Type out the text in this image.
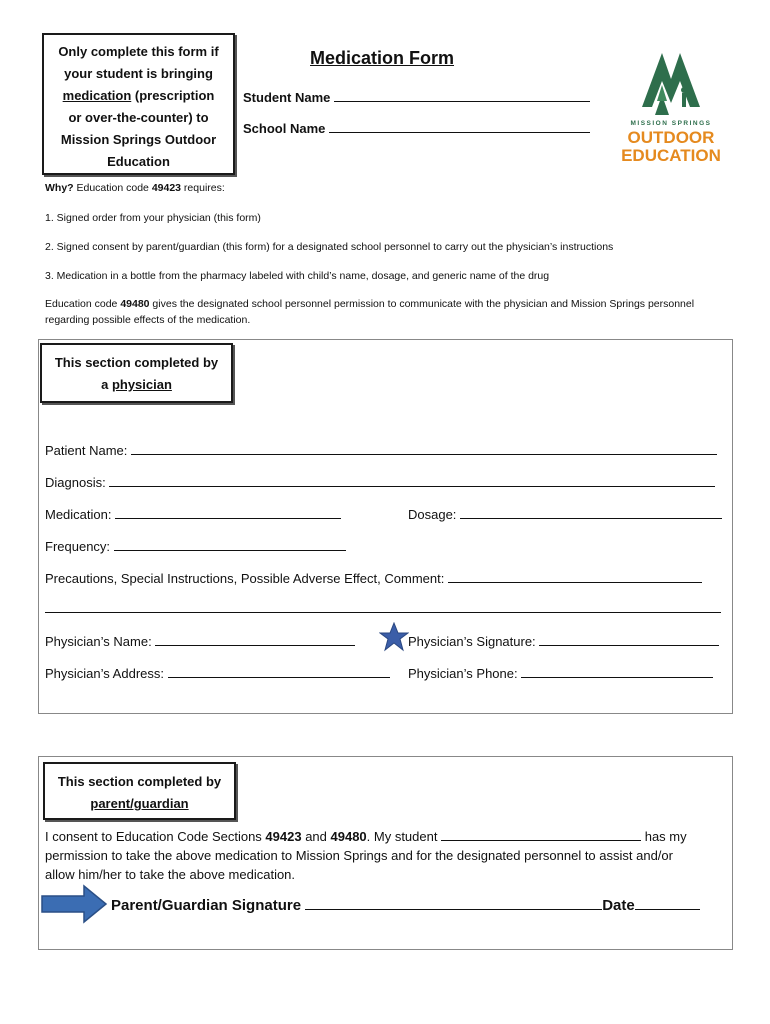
Only complete this form if
your student is bringing
medication (prescription
or over-the-counter) to
Mission Springs Outdoor
Education
Medication Form
Student Name
School Name	MISSION SPRINGS
OUTDOOR
EDUCATION
Why? Education code 49423 requires:
1. Signed order from your physician (this form)
2. Signed consent by parent/guardian (this form) for a designated school personnel to carry out the physician’s instructions
3. Medication in a bottle from the pharmacy labeled with child’s name, dosage, and generic name of the drug
Education code 49480 gives the designated school personnel permission to communicate with the physician and Mission Springs personnel regarding possible effects of the medication.
This section completed by
a physician
Patient Name:
Diagnosis:
Medication:	Dosage:
Frequency:
Precautions, Special Instructions, Possible Adverse Effect, Comment:
Physician’s Name:	Physician’s Signature:
Physician’s Address:	Physician’s Phone:
This section completed by
parent/guardian
I consent to Education Code Sections 49423 and 49480. My student	has my
permission to take the above medication to Mission Springs and for the designated personnel to assist and/or
allow him/her to take the above medication.
Parent/Guardian Signature	Date
